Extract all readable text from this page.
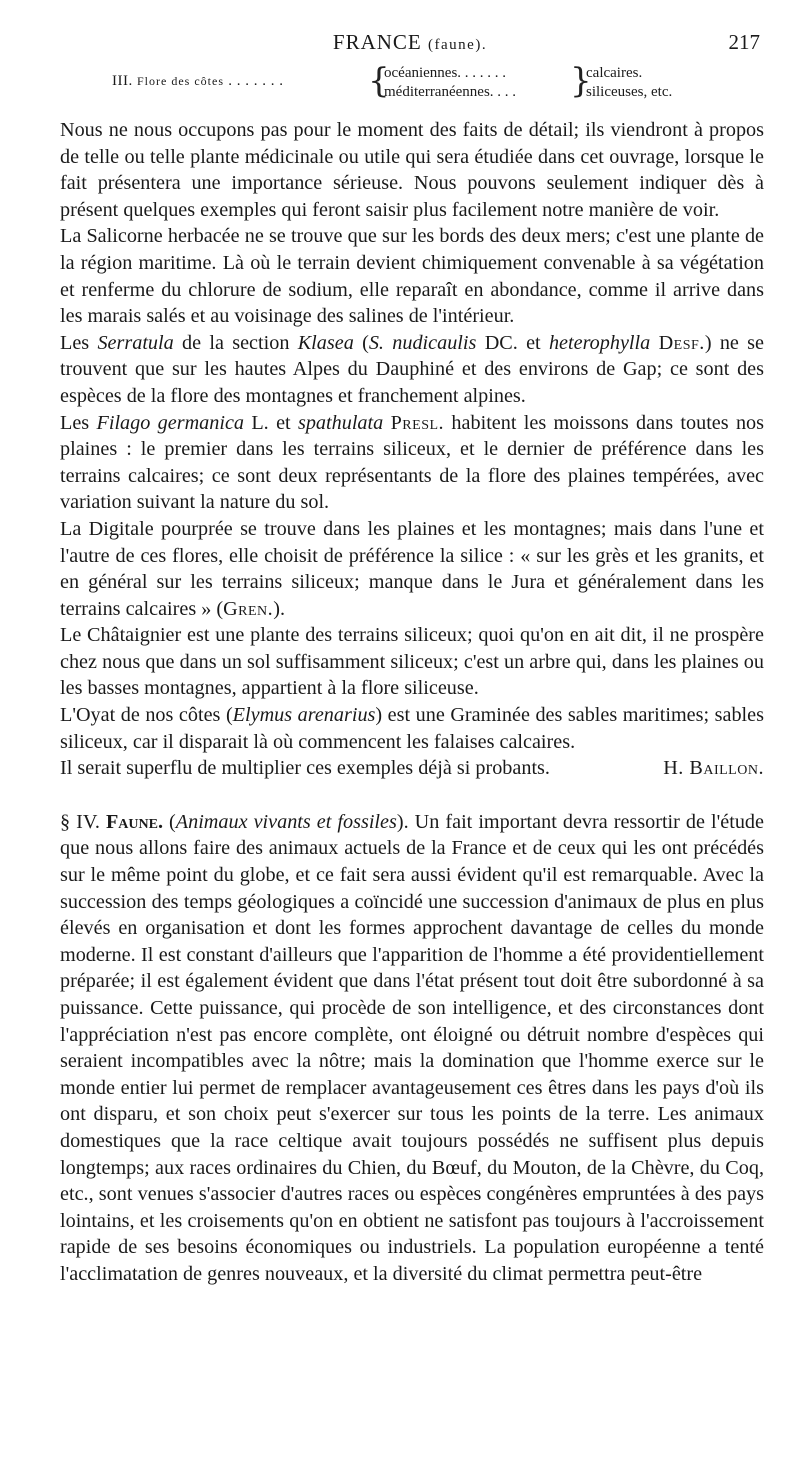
FRANCE (faune).	217
III. Flore des côtes . . . . . . . {
océaniennes. . . . . . .
méditerranéennes. . . . }
calcaires.
siliceuses, etc.

Nous ne nous occupons pas pour le moment des faits de détail; ils viendront à propos de telle ou telle plante médicinale ou utile qui sera étudiée dans cet ouvrage, lorsque le fait présentera une importance sérieuse. Nous pouvons seulement indiquer dès à présent quelques exemples qui feront saisir plus facilement notre manière de voir.

La Salicorne herbacée ne se trouve que sur les bords des deux mers; c'est une plante de la région maritime. Là où le terrain devient chimiquement convenable à sa végétation et renferme du chlorure de sodium, elle reparaît en abondance, comme il arrive dans les marais salés et au voisinage des salines de l'intérieur.

Les Serratula de la section Klasea (S. nudicaulis DC. et heterophylla Desf.) ne se trouvent que sur les hautes Alpes du Dauphiné et des environs de Gap; ce sont des espèces de la flore des montagnes et franchement alpines.

Les Filago germanica L. et spathulata Presl. habitent les moissons dans toutes nos plaines : le premier dans les terrains siliceux, et le dernier de préférence dans les terrains calcaires; ce sont deux représentants de la flore des plaines tempérées, avec variation suivant la nature du sol.

La Digitale pourprée se trouve dans les plaines et les montagnes; mais dans l'une et l'autre de ces flores, elle choisit de préférence la silice : « sur les grès et les granits, et en général sur les terrains siliceux; manque dans le Jura et généralement dans les terrains calcaires » (Gren.).

Le Châtaignier est une plante des terrains siliceux; quoi qu'on en ait dit, il ne prospère chez nous que dans un sol suffisamment siliceux; c'est un arbre qui, dans les plaines ou les basses montagnes, appartient à la flore siliceuse.

L'Oyat de nos côtes (Elymus arenarius) est une Graminée des sables maritimes; sables siliceux, car il disparait là où commencent les falaises calcaires.

Il serait superflu de multiplier ces exemples déjà si probants.	H. Baillon.

§ IV. Faune. (Animaux vivants et fossiles). Un fait important devra ressortir de l'étude que nous allons faire des animaux actuels de la France et de ceux qui les ont précédés sur le même point du globe, et ce fait sera aussi évident qu'il est remarquable. Avec la succession des temps géologiques a coïncidé une succession d'animaux de plus en plus élevés en organisation et dont les formes approchent davantage de celles du monde moderne. Il est constant d'ailleurs que l'apparition de l'homme a été providentiellement préparée; il est également évident que dans l'état présent tout doit être subordonné à sa puissance. Cette puissance, qui procède de son intelligence, et des circonstances dont l'appréciation n'est pas encore complète, ont éloigné ou détruit nombre d'espèces qui seraient incompatibles avec la nôtre; mais la domination que l'homme exerce sur le monde entier lui permet de remplacer avantageusement ces êtres dans les pays d'où ils ont disparu, et son choix peut s'exercer sur tous les points de la terre. Les animaux domestiques que la race celtique avait toujours possédés ne suffisent plus depuis longtemps; aux races ordinaires du Chien, du Bœuf, du Mouton, de la Chèvre, du Coq, etc., sont venues s'associer d'autres races ou espèces congénères empruntées à des pays lointains, et les croisements qu'on en obtient ne satisfont pas toujours à l'accroissement rapide de ses besoins économiques ou industriels. La population européenne a tenté l'acclimatation de genres nouveaux, et la diversité du climat permettra peut-être
